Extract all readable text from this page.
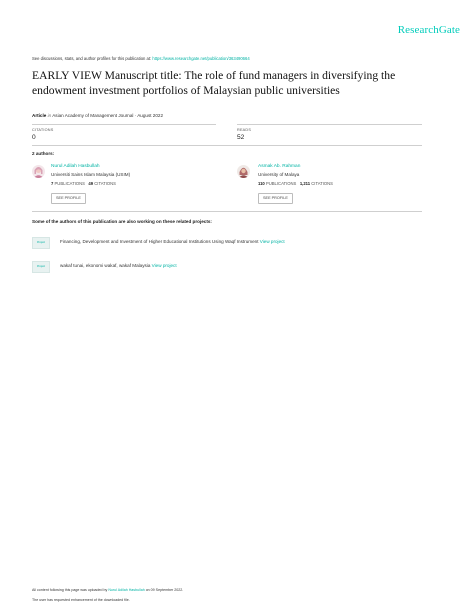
ResearchGate
See discussions, stats, and author profiles for this publication at: https://www.researchgate.net/publication/363490664
EARLY VIEW Manuscript title: The role of fund managers in diversifying the endowment investment portfolios of Malaysian public universities
Article in Asian Academy of Management Journal · August 2022
CITATIONS
0
READS
52
2 authors:
Nurul Adilah Hasbullah
Universiti Sains Islam Malaysia (USIM)
7 PUBLICATIONS 49 CITATIONS
SEE PROFILE
Asmak Ab. Rahman
University of Malaya
110 PUBLICATIONS 1,211 CITATIONS
SEE PROFILE
Some of the authors of this publication are also working on these related projects:
Project	Financing, Development and Investment of Higher Educational Institutions Using Waqf Instrument View project
Project	wakaf tunai, ekonomi wakaf, wakaf Malaysia View project
All content following this page was uploaded by Nurul Adilah Hasbullah on 09 September 2022.
The user has requested enhancement of the downloaded file.
